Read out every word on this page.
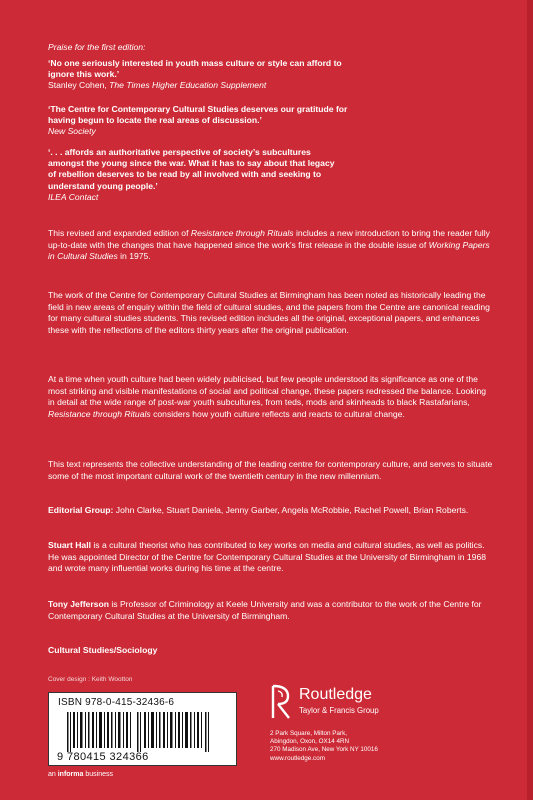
Praise for the first edition:
‘No one seriously interested in youth mass culture or style can afford to
ignore this work.’
Stanley Cohen, The Times Higher Education Supplement
‘The Centre for Contemporary Cultural Studies deserves our gratitude for
having begun to locate the real areas of discussion.’
New Society
‘. . . affords an authoritative perspective of society’s subcultures
amongst the young since the war. What it has to say about that legacy
of rebellion deserves to be read by all involved with and seeking to
understand young people.’
ILEA Contact

This revised and expanded edition of Resistance through Rituals includes a new introduction to bring the reader fully up-to-date with the changes that have happened since the work’s first release in the double issue of Working Papers in Cultural Studies in 1975.

The work of the Centre for Contemporary Cultural Studies at Birmingham has been noted as historically leading the field in new areas of enquiry within the field of cultural studies, and the papers from the Centre are canonical reading for many cultural studies students. This revised edition includes all the original, exceptional papers, and enhances these with the reflections of the editors thirty years after the original publication.

At a time when youth culture had been widely publicised, but few people understood its significance as one of the most striking and visible manifestations of social and political change, these papers redressed the balance. Looking in detail at the wide range of post-war youth subcultures, from teds, mods and skinheads to black Rastafarians, Resistance through Rituals considers how youth culture reflects and reacts to cultural change.

This text represents the collective understanding of the leading centre for contemporary culture, and serves to situate some of the most important cultural work of the twentieth century in the new millennium.

Editorial Group: John Clarke, Stuart Daniela, Jenny Garber, Angela McRobbie, Rachel Powell, Brian Roberts.

Stuart Hall is a cultural theorist who has contributed to key works on media and cultural studies, as well as politics. He was appointed Director of the Centre for Contemporary Cultural Studies at the University of Birmingham in 1968 and wrote many influential works during his time at the centre.

Tony Jefferson is Professor of Criminology at Keele University and was a contributor to the work of the Centre for Contemporary Cultural Studies at the University of Birmingham.

Cultural Studies/Sociology
Cover design : Keith Wootton
ISBN 978-0-415-32436-6
9 780415 324366
an informa business
Routledge
Taylor & Francis Group
2 Park Square, Milton Park,
Abingdon, Oxon, OX14 4RN
270 Madison Ave, New York NY 10016
www.routledge.com
